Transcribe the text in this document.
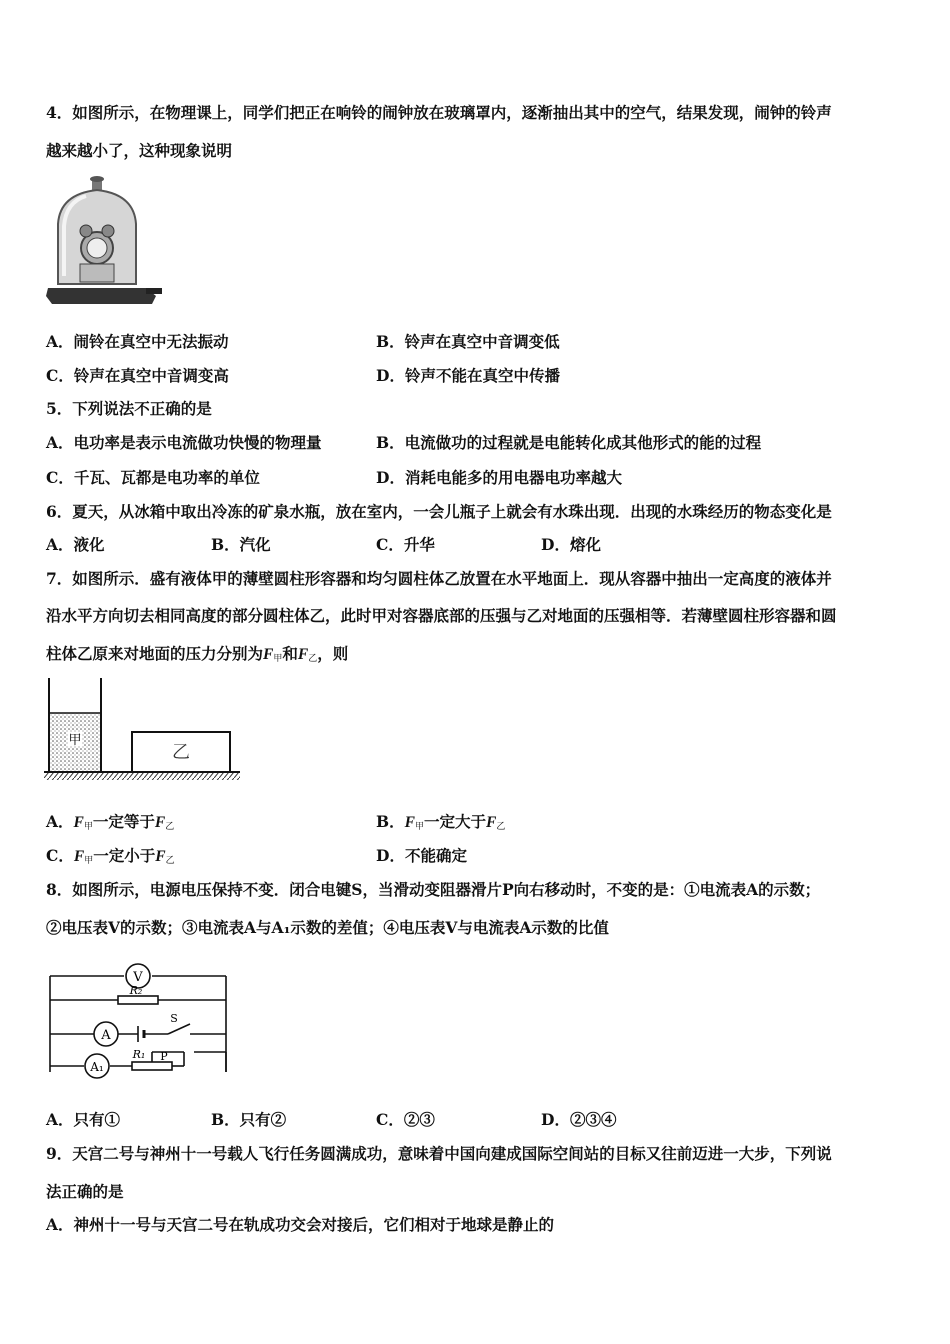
4．如图所示，在物理课上，同学们把正在响铃的闹钟放在玻璃罩内，逐渐抽出其中的空气，结果发现，闹钟的铃声
越来越小了，这种现象说明
A．闹铃在真空中无法振动	B．铃声在真空中音调变低
C．铃声在真空中音调变高	D．铃声不能在真空中传播
5．下列说法不正确的是
A．电功率是表示电流做功快慢的物理量	B．电流做功的过程就是电能转化成其他形式的能的过程
C．千瓦、瓦都是电功率的单位	D．消耗电能多的用电器电功率越大
6．夏天，从冰箱中取出冷冻的矿泉水瓶，放在室内，一会儿瓶子上就会有水珠出现．出现的水珠经历的物态变化是
A．液化	B．汽化	C．升华	D．熔化
7．如图所示．盛有液体甲的薄壁圆柱形容器和均匀圆柱体乙放置在水平地面上．现从容器中抽出一定高度的液体并
沿水平方向切去相同高度的部分圆柱体乙，此时甲对容器底部的压强与乙对地面的压强相等．若薄壁圆柱形容器和圆
柱体乙原来对地面的压力分别为$F_甲$和$F_乙$，则
甲
乙
A．$F_甲$一定等于$F_乙$	B．$F_甲$一定大于$F_乙$
C．$F_甲$一定小于$F_乙$	D．不能确定
8．如图所示，电源电压保持不变．闭合电键S，当滑动变阻器滑片P向右移动时，不变的是：①电流表A的示数；
②电压表V的示数；③电流表A与A₁示数的差值；④电压表V与电流表A示数的比值
V
R₂
A
S
A₁
R₁ P
A．只有①	B．只有②	C．②③	D．②③④
9．天宫二号与神州十一号载人飞行任务圆满成功，意味着中国向建成国际空间站的目标又往前迈进一大步，下列说
法正确的是
A．神州十一号与天宫二号在轨成功交会对接后，它们相对于地球是静止的
